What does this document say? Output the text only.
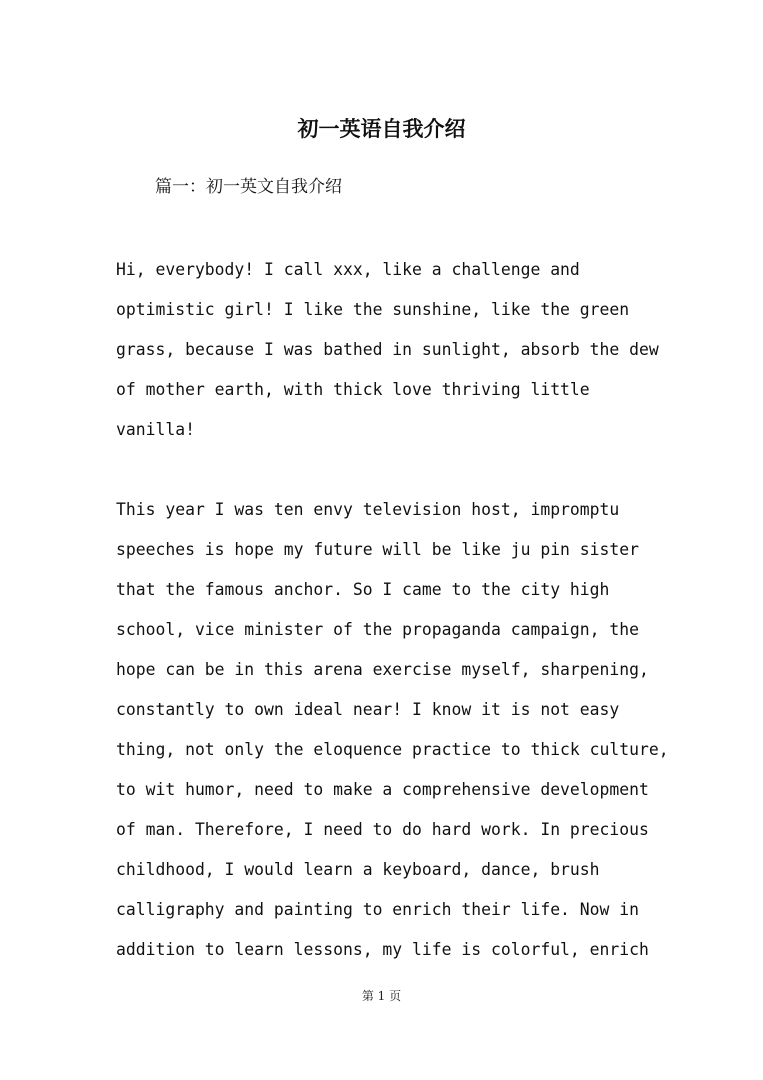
初一英语自我介绍
篇一：初一英文自我介绍
Hi, everybody! I call xxx, like a challenge and
optimistic girl! I like the sunshine, like the green
grass, because I was bathed in sunlight, absorb the dew
of mother earth, with thick love thriving little
vanilla!
This year I was ten envy television host, impromptu
speeches is hope my future will be like ju pin sister
that the famous anchor. So I came to the city high
school, vice minister of the propaganda campaign, the
hope can be in this arena exercise myself, sharpening,
constantly to own ideal near! I know it is not easy
thing, not only the eloquence practice to thick culture,
to wit humor, need to make a comprehensive development
of man. Therefore, I need to do hard work. In precious
childhood, I would learn a keyboard, dance, brush
calligraphy and painting to enrich their life. Now in
addition to learn lessons, my life is colorful, enrich
第 1 页
